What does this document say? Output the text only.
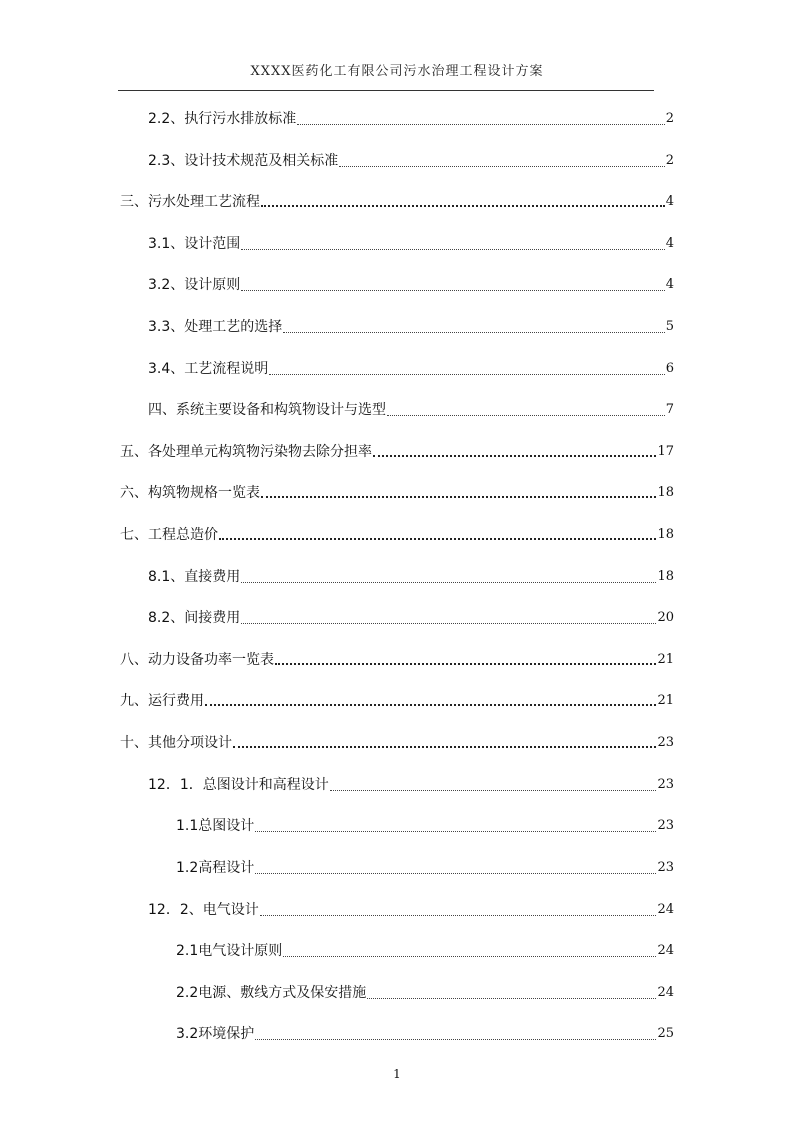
XXXX医药化工有限公司污水治理工程设计方案
2.2、执行污水排放标准	2
2.3、设计技术规范及相关标准	2
三、污水处理工艺流程	4
3.1、设计范围	4
3.2、设计原则	4
3.3、处理工艺的选择	5
3.4、工艺流程说明	6
四、系统主要设备和构筑物设计与选型	7
五、各处理单元构筑物污染物去除分担率	17
六、构筑物规格一览表	18
七、工程总造价	18
8.1、直接费用	18
8.2、间接费用	20
八、动力设备功率一览表	21
九、运行费用	21
十、其他分项设计	23
12．1．总图设计和高程设计	23
1.1总图设计	23
1.2高程设计	23
12．2、电气设计	24
2.1电气设计原则	24
2.2电源、敷线方式及保安措施	24
3.2环境保护	25
1
